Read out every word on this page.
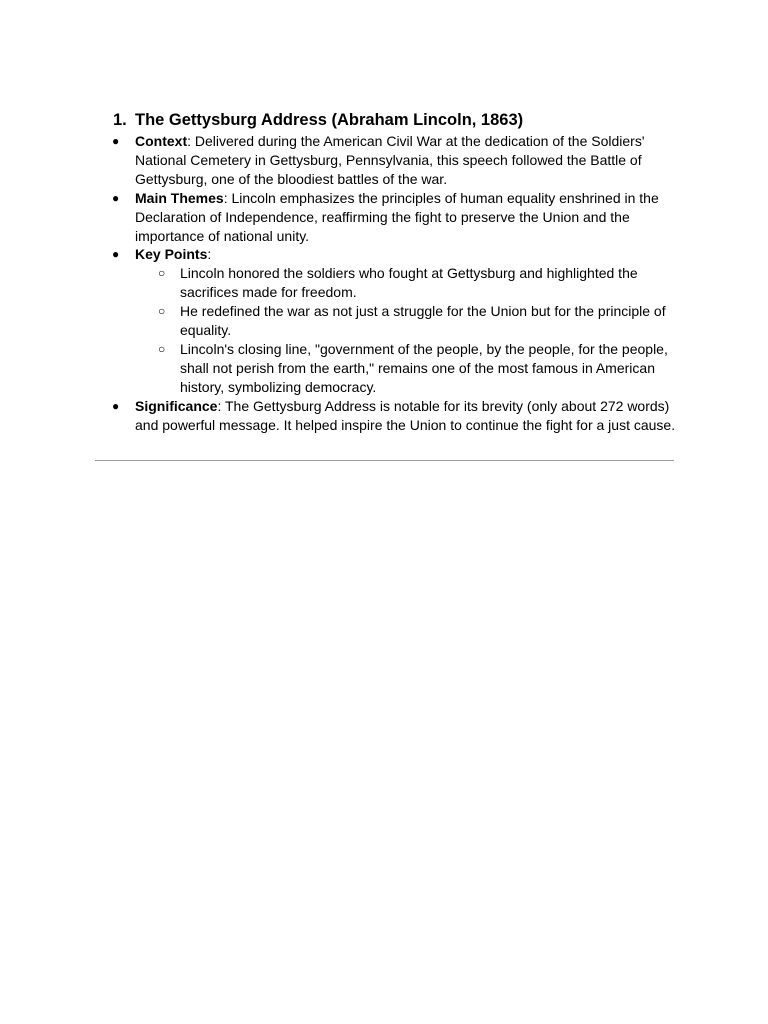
1. The Gettysburg Address (Abraham Lincoln, 1863)
● Context: Delivered during the American Civil War at the dedication of the Soldiers' National Cemetery in Gettysburg, Pennsylvania, this speech followed the Battle of Gettysburg, one of the bloodiest battles of the war.
● Main Themes: Lincoln emphasizes the principles of human equality enshrined in the Declaration of Independence, reaffirming the fight to preserve the Union and the importance of national unity.
● Key Points:
○ Lincoln honored the soldiers who fought at Gettysburg and highlighted the sacrifices made for freedom.
○ He redefined the war as not just a struggle for the Union but for the principle of equality.
○ Lincoln's closing line, "government of the people, by the people, for the people, shall not perish from the earth," remains one of the most famous in American history, symbolizing democracy.
● Significance: The Gettysburg Address is notable for its brevity (only about 272 words) and powerful message. It helped inspire the Union to continue the fight for a just cause.
